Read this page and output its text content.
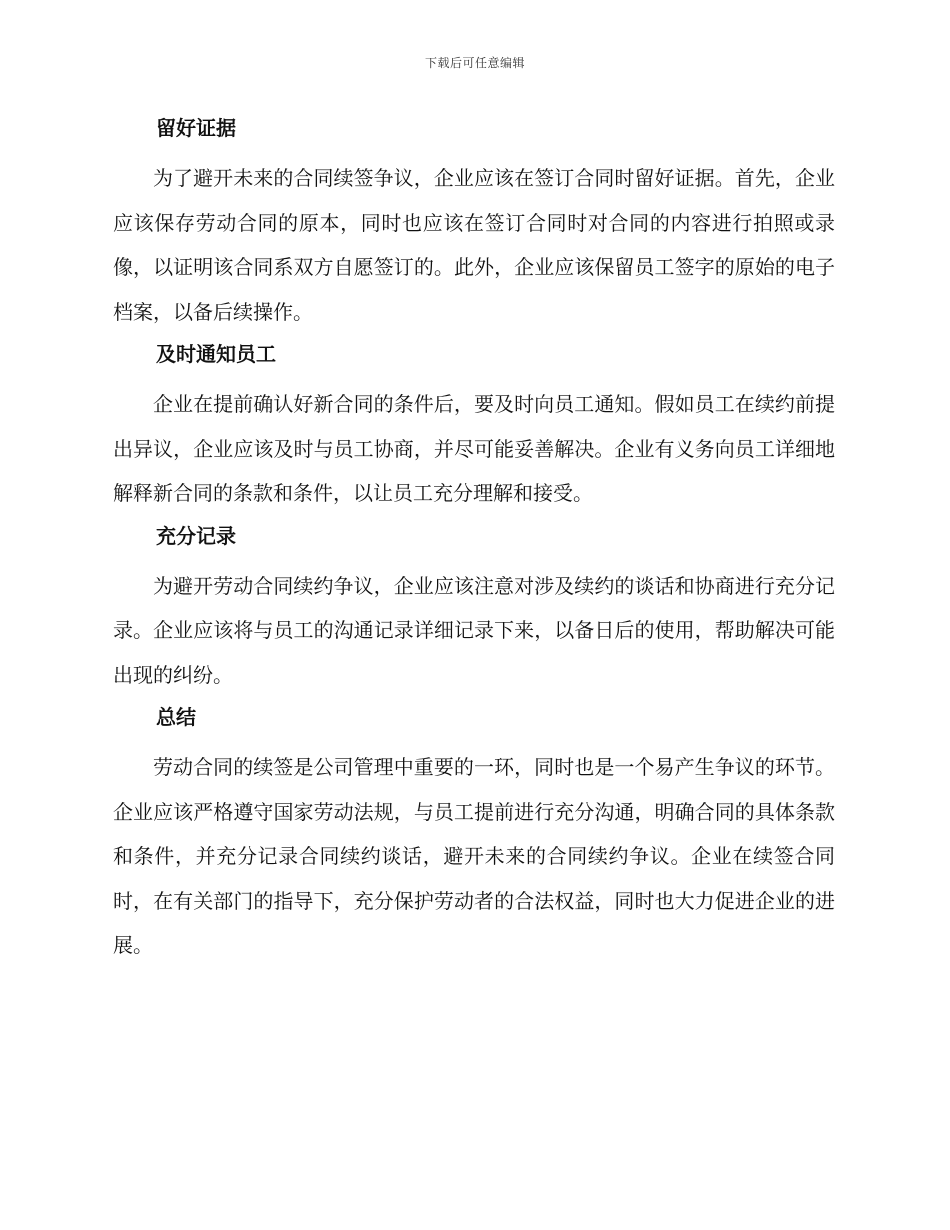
下载后可任意编辑
留好证据

为了避开未来的合同续签争议，企业应该在签订合同时留好证据。首先，企业应该保存劳动合同的原本，同时也应该在签订合同时对合同的内容进行拍照或录像，以证明该合同系双方自愿签订的。此外，企业应该保留员工签字的原始的电子档案，以备后续操作。

及时通知员工

企业在提前确认好新合同的条件后，要及时向员工通知。假如员工在续约前提出异议，企业应该及时与员工协商，并尽可能妥善解决。企业有义务向员工详细地解释新合同的条款和条件，以让员工充分理解和接受。

充分记录

为避开劳动合同续约争议，企业应该注意对涉及续约的谈话和协商进行充分记录。企业应该将与员工的沟通记录详细记录下来，以备日后的使用，帮助解决可能出现的纠纷。

总结

劳动合同的续签是公司管理中重要的一环，同时也是一个易产生争议的环节。企业应该严格遵守国家劳动法规，与员工提前进行充分沟通，明确合同的具体条款和条件，并充分记录合同续约谈话，避开未来的合同续约争议。企业在续签合同时，在有关部门的指导下，充分保护劳动者的合法权益，同时也大力促进企业的进展。
